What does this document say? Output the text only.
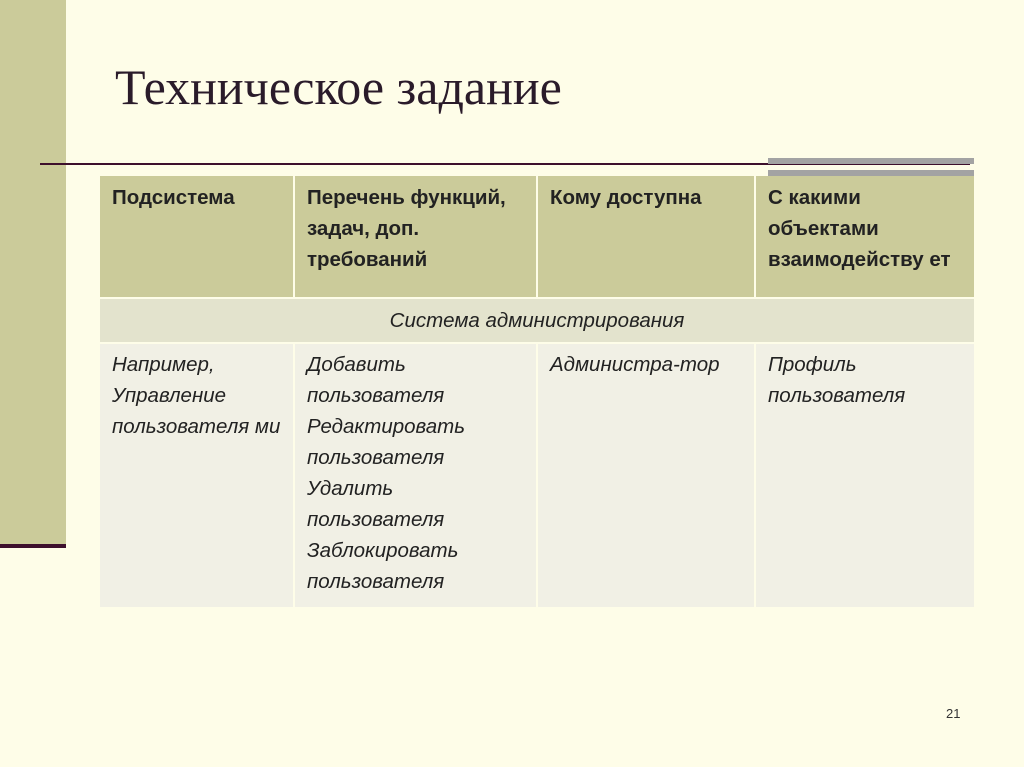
Техническое задание
Подсистема	Перечень функций, задач, доп. требований	Кому доступна	С какими объектами взаимодейству ет
Система администрирования			
Например, Управление пользователя ми	Добавить пользователя
Редактировать пользователя
Удалить пользователя
Заблокировать пользователя	Администра-тор	Профиль пользователя
21
